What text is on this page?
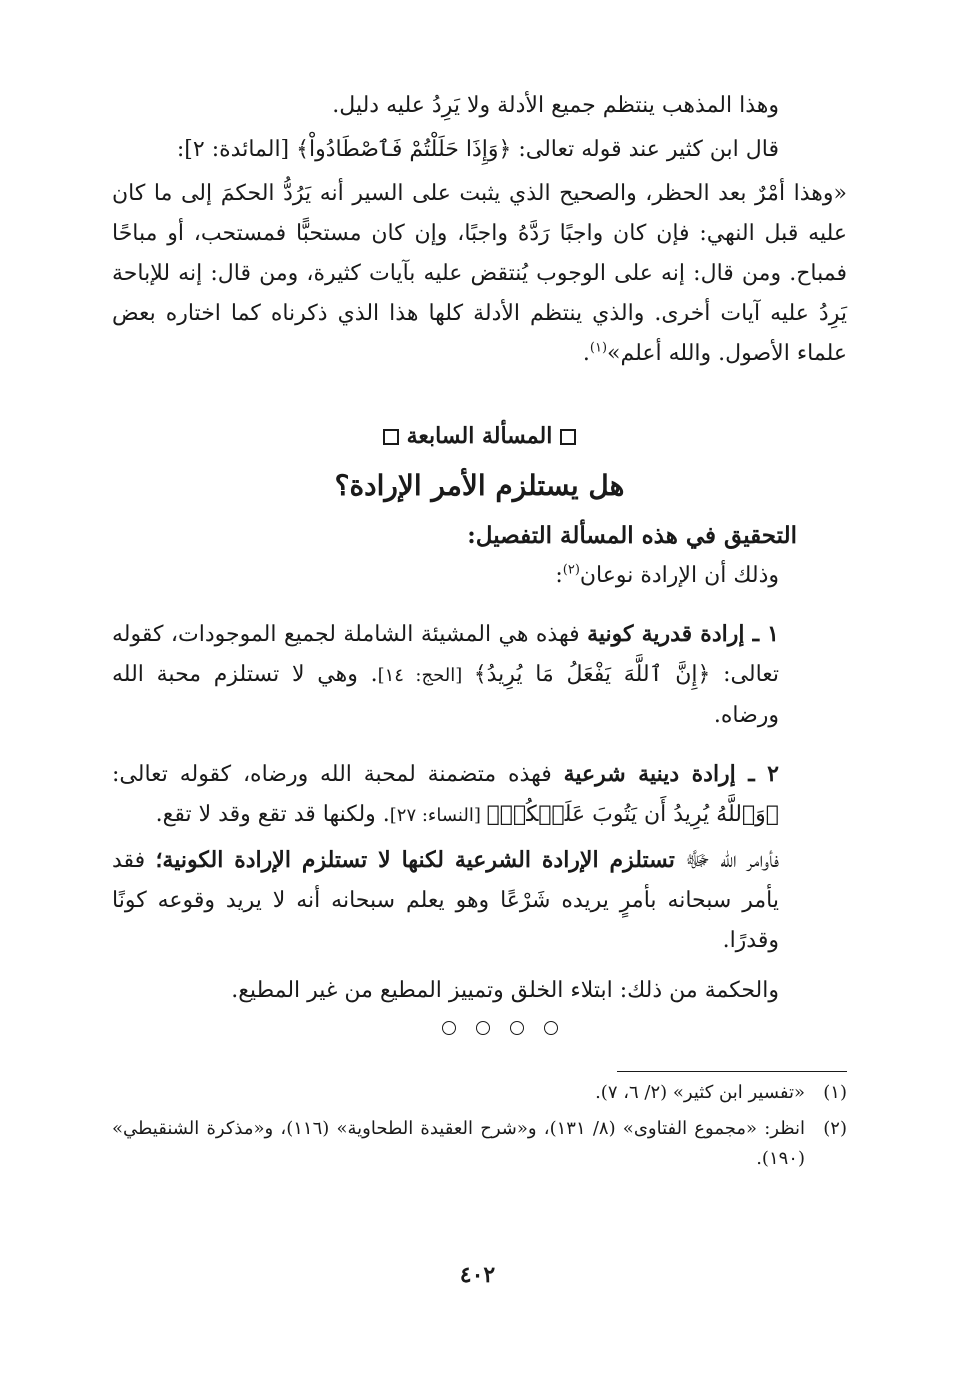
وهذا المذهب ينتظم جميع الأدلة ولا يَرِدُ عليه دليل.

قال ابن كثير عند قوله تعالى: ﴿وَإِذَا حَلَلْتُمْ فَٱصْطَادُواْ﴾ [المائدة: ٢]:

«وهذا أمْرٌ بعد الحظر، والصحيح الذي يثبت على السير أنه يَرُدُّ الحكمَ إلى ما كان عليه قبل النهي: فإن كان واجبًا رَدَّهُ واجبًا، وإن كان مستحبًّا فمستحب، أو مباحًا فمباح. ومن قال: إنه على الوجوب يُنتقض عليه بآيات كثيرة، ومن قال: إنه للإباحة يَرِدُ عليه آيات أخرى. والذي ينتظم الأدلة كلها هذا الذي ذكرناه كما اختاره بعض علماء الأصول. والله أعلم»$^{(١)}$.

المسألة السابعة
هل يستلزم الأمر الإرادة؟
التحقيق في هذه المسألة التفصيل:

وذلك أن الإرادة نوعان$^{(٢)}$:

١ ـ إرادة قدرية كونية فهذه هي المشيئة الشاملة لجميع الموجودات، كقوله تعالى: ﴿إِنَّ ٱللَّهَ يَفْعَلُ مَا يُرِيدُ﴾ [الحج: ١٤]. وهي لا تستلزم محبة الله ورضاه.

٢ ـ إرادة دينية شرعية فهذه متضمنة لمحبة الله ورضاه، كقوله تعالى: ﴿وَٱللَّهُ يُرِيدُ أَن يَتُوبَ عَلَيۡكُمۡ﴾ [النساء: ٢٧]. ولكنها قد تقع وقد لا تقع.

فأوامر الله ﷻ تستلزم الإرادة الشرعية لكنها لا تستلزم الإرادة الكونية؛ فقد يأمر سبحانه بأمرٍ يريده شَرْعًا وهو يعلم سبحانه أنه لا يريد وقوعه كونًا وقدرًا.

والحكمة من ذلك: ابتلاء الخلق وتمييز المطيع من غير المطيع.

(١)
«تفسير ابن كثير» (٢/ ٦، ٧).
(٢)
انظر: «مجموع الفتاوى» (٨/ ١٣١)، و«شرح العقيدة الطحاوية» (١١٦)، و«مذكرة الشنقيطي» (١٩٠).
٤٠٢
